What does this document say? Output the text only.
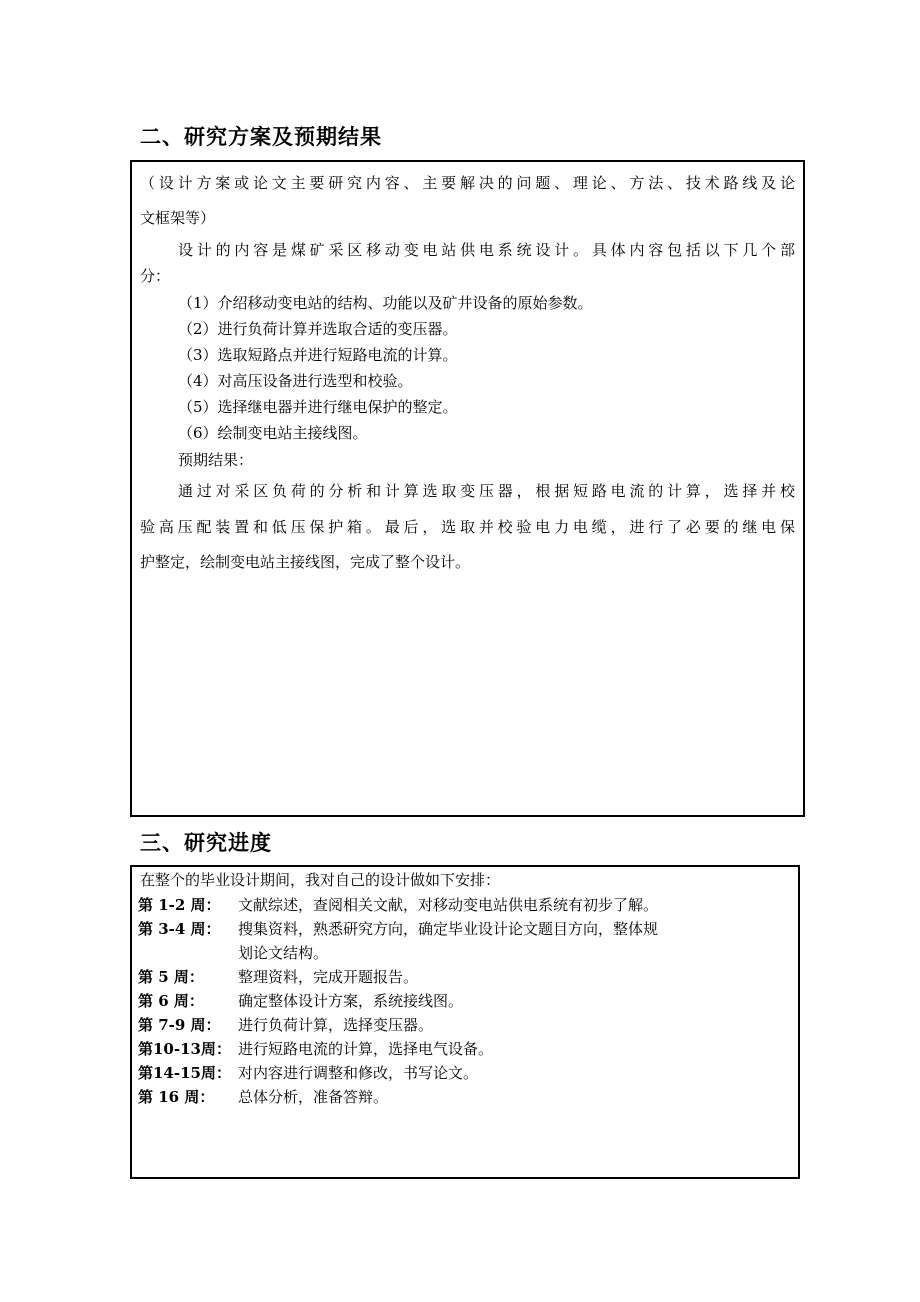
二、研究方案及预期结果
（设计方案或论文主要研究内容、主要解决的问题、理论、方法、技术路线及论
文框架等）
设计的内容是煤矿采区移动变电站供电系统设计。具体内容包括以下几个部
分：
（1）介绍移动变电站的结构、功能以及矿井设备的原始参数。
（2）进行负荷计算并选取合适的变压器。
（3）选取短路点并进行短路电流的计算。
（4）对高压设备进行选型和校验。
（5）选择继电器并进行继电保护的整定。
（6）绘制变电站主接线图。
预期结果：
通过对采区负荷的分析和计算选取变压器，根据短路电流的计算，选择并校
验高压配装置和低压保护箱。最后，选取并校验电力电缆，进行了必要的继电保
护整定，绘制变电站主接线图，完成了整个设计。
三、研究进度
在整个的毕业设计期间，我对自己的设计做如下安排：
第 1-2 周： 文献综述，查阅相关文献，对移动变电站供电系统有初步了解。
第 3-4 周： 搜集资料，熟悉研究方向，确定毕业设计论文题目方向，整体规
划论文结构。
第 5 周： 整理资料，完成开题报告。
第 6 周： 确定整体设计方案，系统接线图。
第 7-9 周： 进行负荷计算，选择变压器。
第10-13周： 进行短路电流的计算，选择电气设备。
第14-15周： 对内容进行调整和修改，书写论文。
第 16 周： 总体分析，准备答辩。
